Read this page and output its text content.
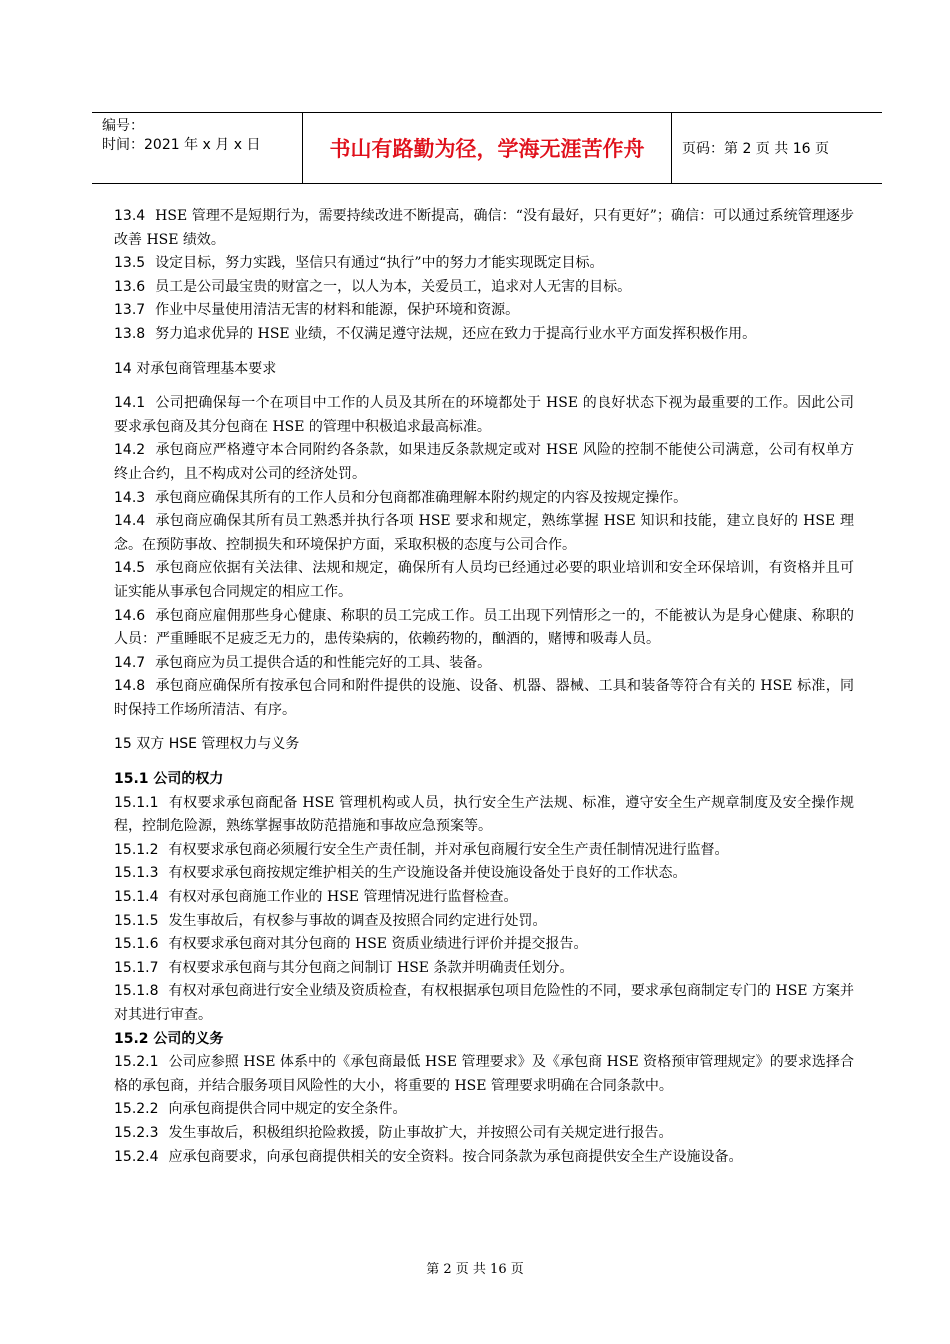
编号：
时间：2021 年 x 月 x 日	书山有路勤为径，学海无涯苦作舟	页码：第 2 页 共 16 页

13.4 HSE 管理不是短期行为，需要持续改进不断提高，确信：“没有最好，只有更好”；确信：可以通过系统管理逐步改善 HSE 绩效。

13.5 设定目标，努力实践，坚信只有通过“执行”中的努力才能实现既定目标。

13.6 员工是公司最宝贵的财富之一，以人为本，关爱员工，追求对人无害的目标。

13.7 作业中尽量使用清洁无害的材料和能源，保护环境和资源。

13.8 努力追求优异的 HSE 业绩，不仅满足遵守法规，还应在致力于提高行业水平方面发挥积极作用。

14 对承包商管理基本要求

14.1 公司把确保每一个在项目中工作的人员及其所在的环境都处于 HSE 的良好状态下视为最重要的工作。因此公司要求承包商及其分包商在 HSE 的管理中积极追求最高标准。

14.2 承包商应严格遵守本合同附约各条款，如果违反条款规定或对 HSE 风险的控制不能使公司满意，公司有权单方终止合约，且不构成对公司的经济处罚。

14.3 承包商应确保其所有的工作人员和分包商都准确理解本附约规定的内容及按规定操作。

14.4 承包商应确保其所有员工熟悉并执行各项 HSE 要求和规定，熟练掌握 HSE 知识和技能，建立良好的 HSE 理念。在预防事故、控制损失和环境保护方面，采取积极的态度与公司合作。

14.5 承包商应依据有关法律、法规和规定，确保所有人员均已经通过必要的职业培训和安全环保培训，有资格并且可证实能从事承包合同规定的相应工作。

14.6 承包商应雇佣那些身心健康、称职的员工完成工作。员工出现下列情形之一的，不能被认为是身心健康、称职的人员：严重睡眠不足疲乏无力的，患传染病的，依赖药物的，酗酒的，赌博和吸毒人员。

14.7 承包商应为员工提供合适的和性能完好的工具、装备。

14.8 承包商应确保所有按承包合同和附件提供的设施、设备、机器、器械、工具和装备等符合有关的 HSE 标准，同时保持工作场所清洁、有序。

15 双方 HSE 管理权力与义务

15.1 公司的权力

15.1.1 有权要求承包商配备 HSE 管理机构或人员，执行安全生产法规、标准，遵守安全生产规章制度及安全操作规程，控制危险源，熟练掌握事故防范措施和事故应急预案等。

15.1.2 有权要求承包商必须履行安全生产责任制，并对承包商履行安全生产责任制情况进行监督。

15.1.3 有权要求承包商按规定维护相关的生产设施设备并使设施设备处于良好的工作状态。

15.1.4 有权对承包商施工作业的 HSE 管理情况进行监督检查。

15.1.5 发生事故后，有权参与事故的调查及按照合同约定进行处罚。

15.1.6 有权要求承包商对其分包商的 HSE 资质业绩进行评价并提交报告。

15.1.7 有权要求承包商与其分包商之间制订 HSE 条款并明确责任划分。

15.1.8 有权对承包商进行安全业绩及资质检查，有权根据承包项目危险性的不同，要求承包商制定专门的 HSE 方案并对其进行审查。

15.2 公司的义务

15.2.1 公司应参照 HSE 体系中的《承包商最低 HSE 管理要求》及《承包商 HSE 资格预审管理规定》的要求选择合格的承包商，并结合服务项目风险性的大小，将重要的 HSE 管理要求明确在合同条款中。

15.2.2 向承包商提供合同中规定的安全条件。

15.2.3 发生事故后，积极组织抢险救援，防止事故扩大，并按照公司有关规定进行报告。

15.2.4 应承包商要求，向承包商提供相关的安全资料。按合同条款为承包商提供安全生产设施设备。

第 2 页 共 16 页
